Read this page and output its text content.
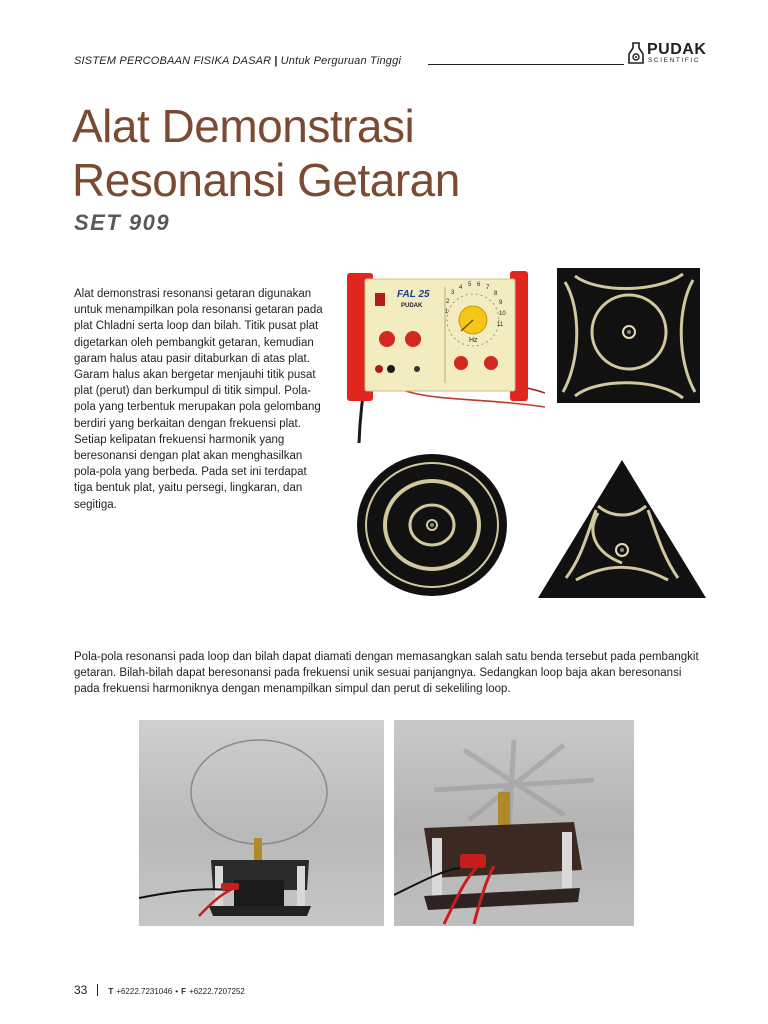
SISTEM PERCOBAAN FISIKA DASAR | Untuk Perguruan Tinggi
PUDAK
SCIENTIFIC
Alat Demonstrasi
Resonansi Getaran
SET 909
Alat demonstrasi resonansi getaran digunakan untuk menampilkan pola resonansi getaran pada plat Chladni serta loop dan bilah. Titik pusat plat digetarkan oleh pembangkit getaran, kemudian garam halus atau pasir ditaburkan di atas plat. Garam halus akan bergetar menjauhi titik pusat plat (perut) dan berkumpul di titik simpul. Pola-pola yang terbentuk merupakan pola gelombang berdiri yang berkaitan dengan frekuensi plat. Setiap kelipatan frekuensi harmonik yang beresonansi dengan plat akan menghasilkan pola-pola yang berbeda. Pada set ini terdapat tiga bentuk plat, yaitu persegi, lingkaran, dan segitiga.
FAL 25
PUDAK
Hz
1
2
3
4 5 6 7
8
9
10
11
Pola-pola resonansi pada loop dan bilah dapat diamati dengan memasangkan salah satu benda tersebut pada pembangkit getaran. Bilah-bilah dapat beresonansi pada frekuensi unik sesuai panjangnya. Sedangkan loop baja akan beresonansi pada frekuensi harmoniknya dengan menampilkan simpul dan perut di sekeliling loop.
33	T +6222.7231046 • F +6222.7207252
